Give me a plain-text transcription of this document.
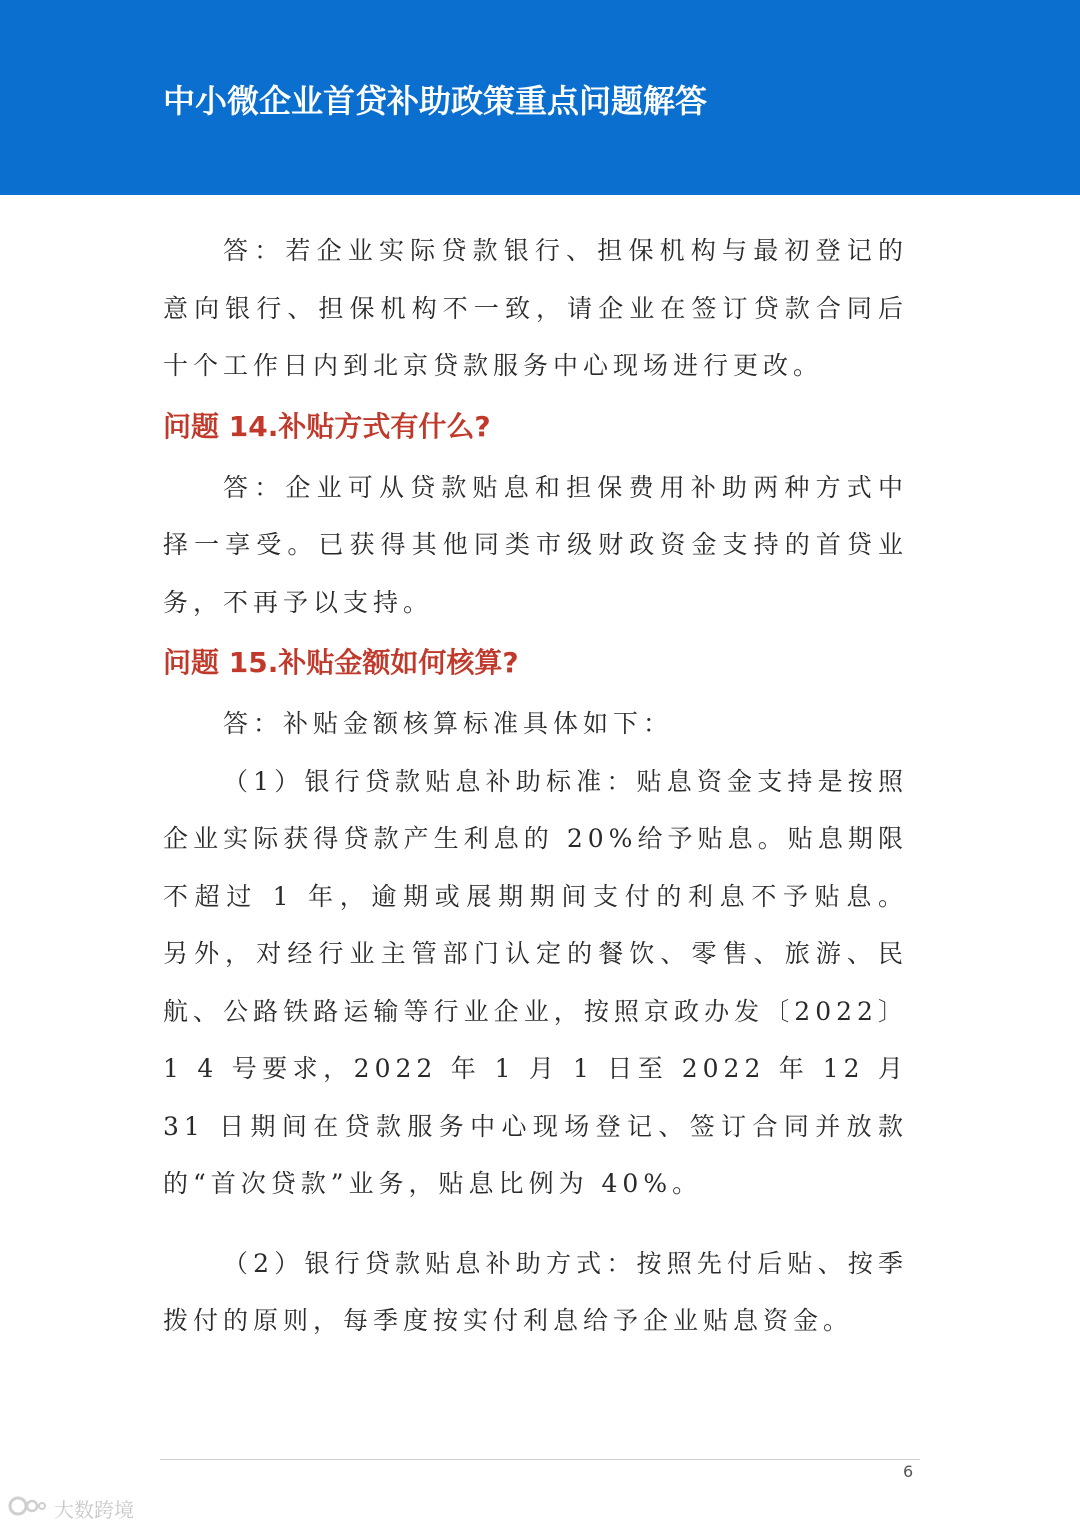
中小微企业首贷补助政策重点问题解答

答：若企业实际贷款银行、担保机构与最初登记的意向银行、担保机构不一致，请企业在签订贷款合同后十个工作日内到北京贷款服务中心现场进行更改。

问题 14.补贴方式有什么?

答：企业可从贷款贴息和担保费用补助两种方式中择一享受。已获得其他同类市级财政资金支持的首贷业务，不再予以支持。

问题 15.补贴金额如何核算?

答：补贴金额核算标准具体如下：

（1）银行贷款贴息补助标准：贴息资金支持是按照企业实际获得贷款产生利息的 20%给予贴息。贴息期限不超过 1 年，逾期或展期期间支付的利息不予贴息。 另外，对经行业主管部门认定的餐饮、零售、旅游、民航、公路铁路运输等行业企业，按照京政办发〔2022〕1 4 号要求，2022 年 1 月 1 日至 2022 年 12 月 31 日期间在贷款服务中心现场登记、签订合同并放款的“首次贷款”业务，贴息比例为 40%。

（2）银行贷款贴息补助方式：按照先付后贴、按季拨付的原则，每季度按实付利息给予企业贴息资金。

6
大数跨境
